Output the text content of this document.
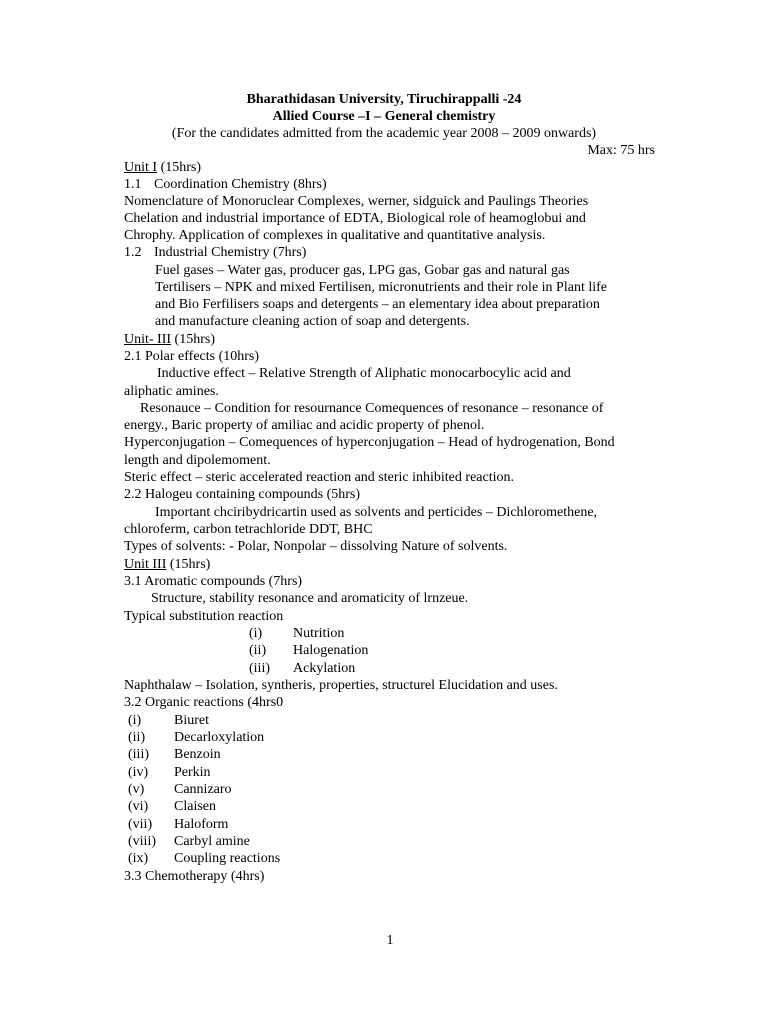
Bharathidasan University, Tiruchirappalli -24
Allied Course –I – General chemistry
(For the candidates admitted from the academic year 2008 – 2009 onwards)
Max: 75 hrs
Unit I (15hrs)
1.1 Coordination Chemistry (8hrs)
Nomenclature of Monoruclear Complexes, werner, sidguick and Paulings Theories
Chelation and industrial importance of EDTA, Biological role of heamoglobui and
Chrophy. Application of complexes in qualitative and quantitative analysis.
1.2 Industrial Chemistry (7hrs)
Fuel gases – Water gas, producer gas, LPG gas, Gobar gas and natural gas
Tertilisers – NPK and mixed Fertilisen, micronutrients and their role in Plant life
and Bio Ferfilisers soaps and detergents – an elementary idea about preparation
and manufacture cleaning action of soap and detergents.
Unit- III (15hrs)
2.1 Polar effects (10hrs)
Inductive effect – Relative Strength of Aliphatic monocarbocylic acid and
aliphatic amines.
Resonauce – Condition for resournance Comequences of resonance – resonance of
energy., Baric property of amiliac and acidic property of phenol.
Hyperconjugation – Comequences of hyperconjugation – Head of hydrogenation, Bond
length and dipolemoment.
Steric effect – steric accelerated reaction and steric inhibited reaction.
2.2 Halogeu containing compounds (5hrs)
Important chciribydricartin used as solvents and perticides – Dichloromethene,
chloroferm, carbon tetrachloride DDT, BHC
Types of solvents: - Polar, Nonpolar – dissolving Nature of solvents.
Unit III (15hrs)
3.1 Aromatic compounds (7hrs)
Structure, stability resonance and aromaticity of lrnzeue.
Typical substitution reaction
(i) Nutrition
(ii) Halogenation
(iii) Ackylation
Naphthalaw – Isolation, syntheris, properties, structurel Elucidation and uses.
3.2 Organic reactions (4hrs0
(i) Biuret
(ii) Decarloxylation
(iii) Benzoin
(iv) Perkin
(v) Cannizaro
(vi) Claisen
(vii) Haloform
(viii) Carbyl amine
(ix) Coupling reactions
3.3 Chemotherapy (4hrs)
1
